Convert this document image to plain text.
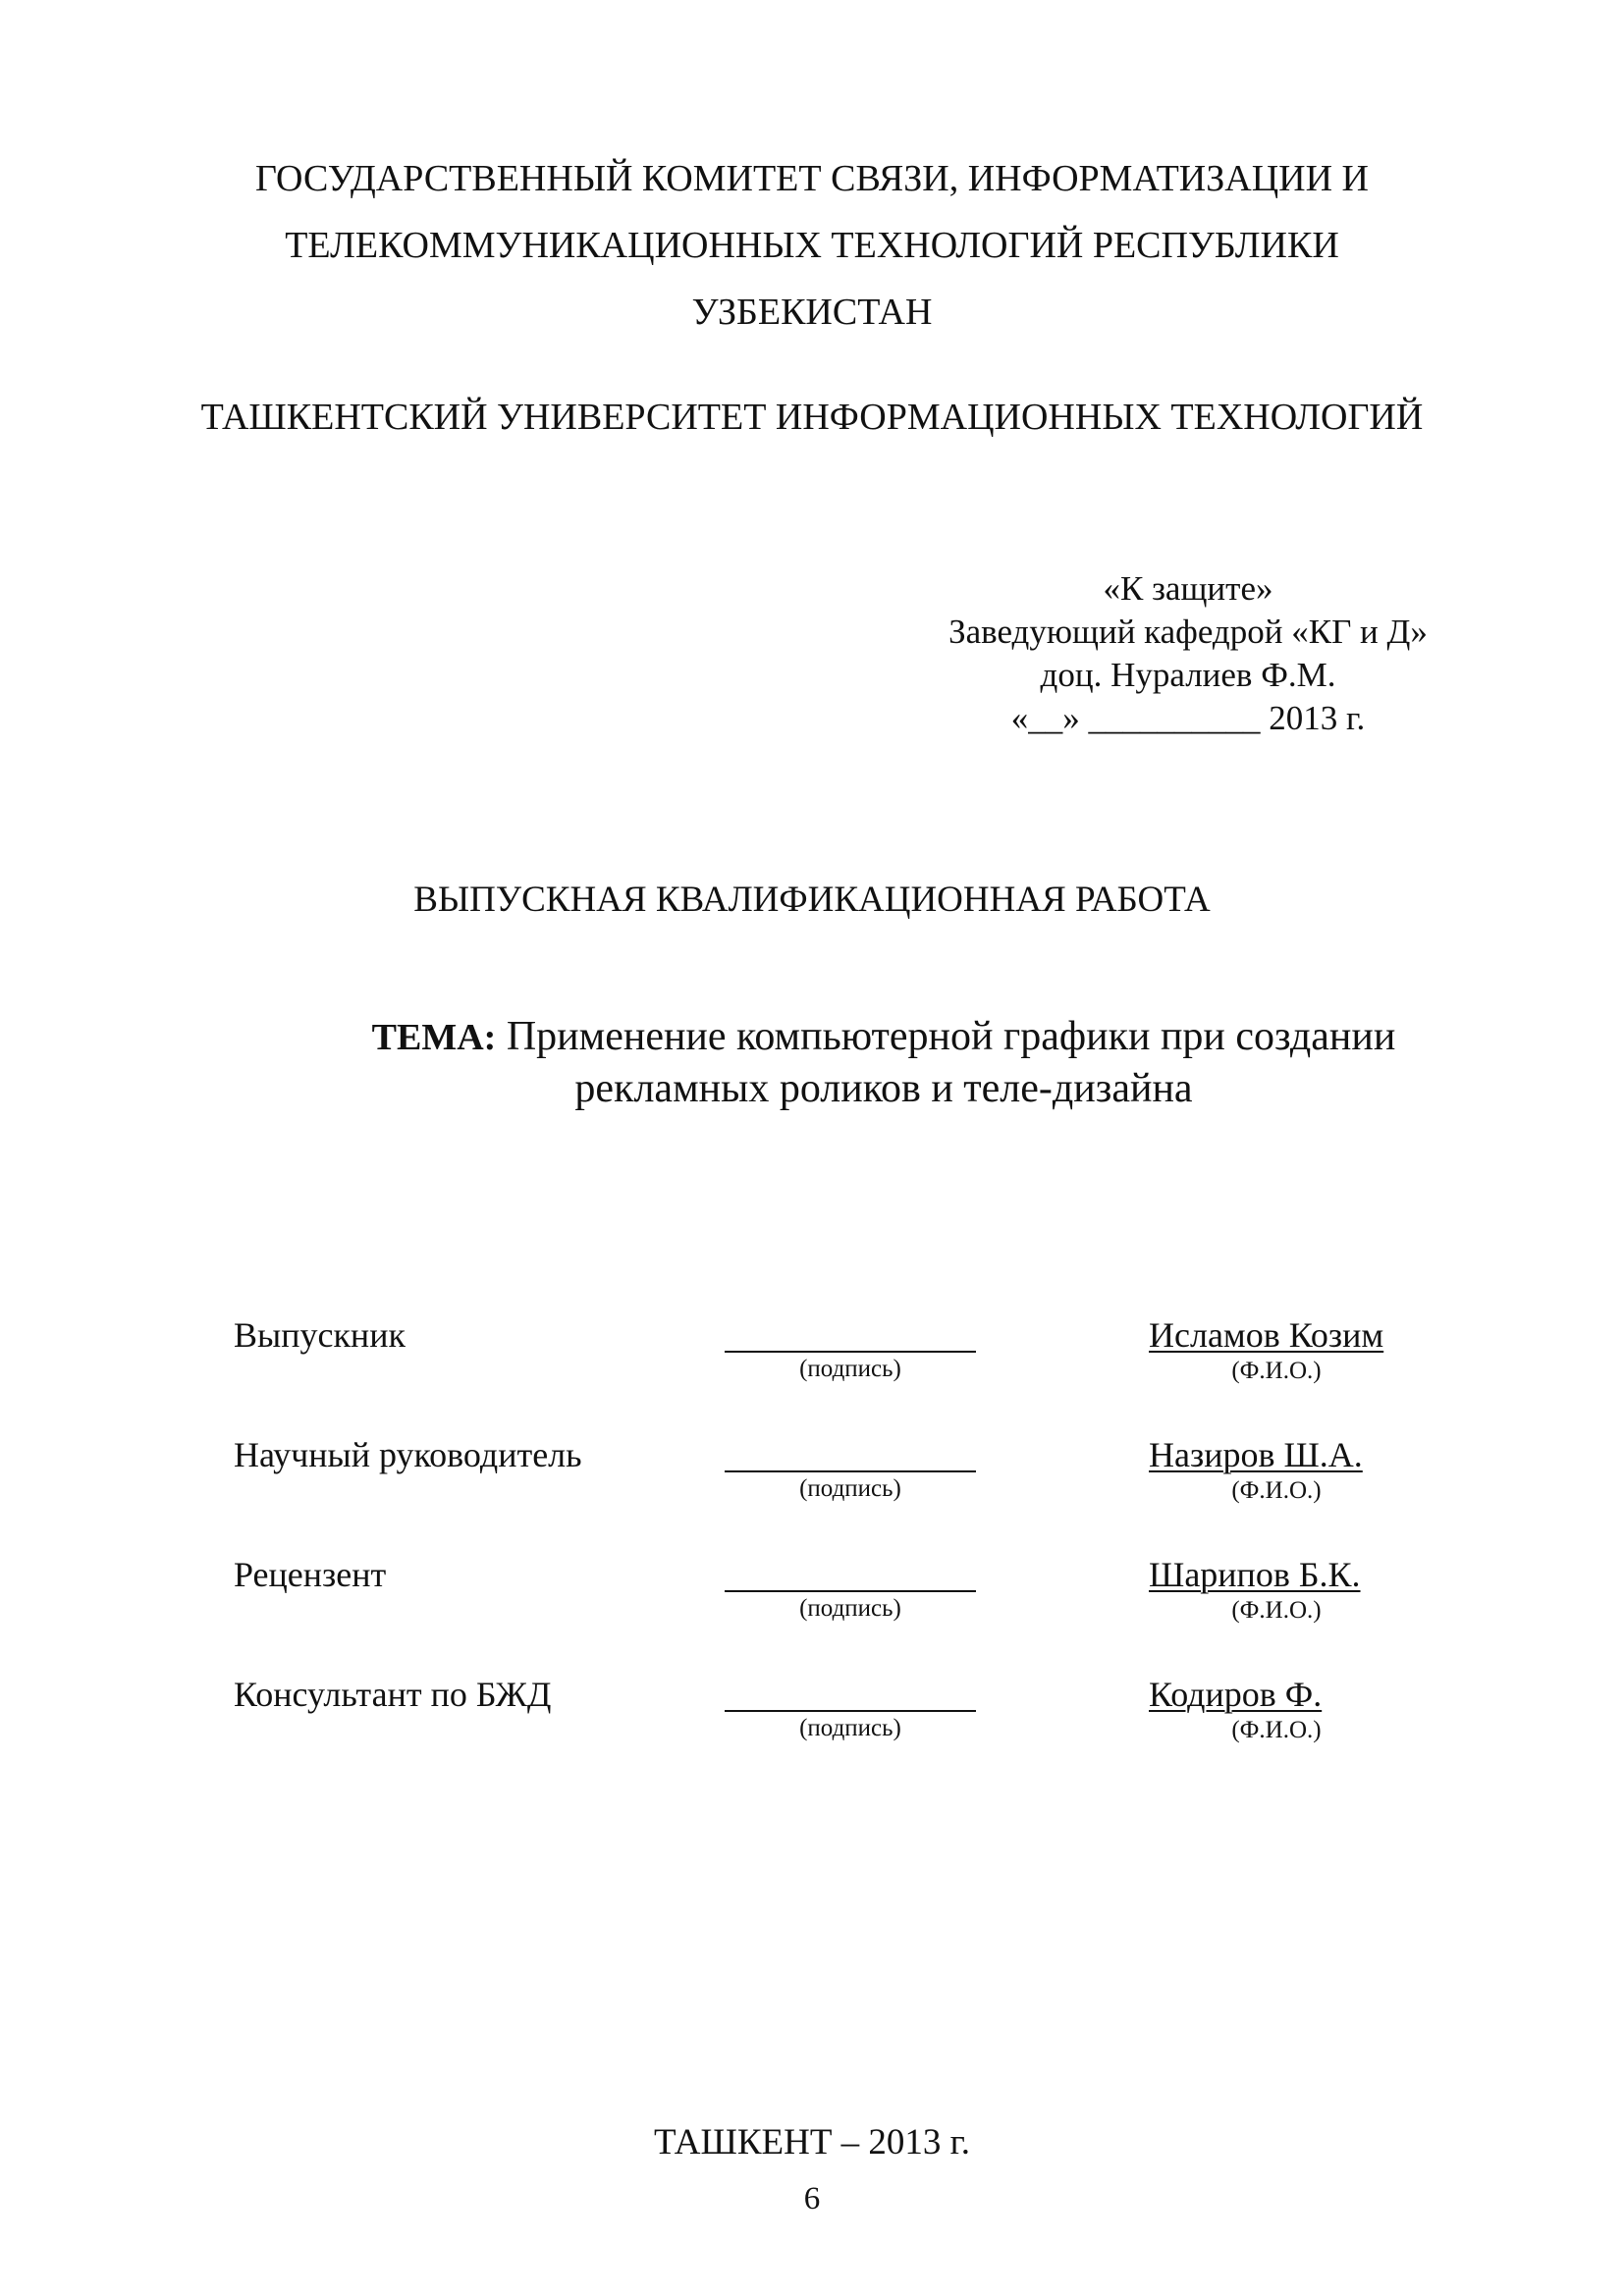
ГОСУДАРСТВЕННЫЙ КОМИТЕТ СВЯЗИ, ИНФОРМАТИЗАЦИИ И
ТЕЛЕКОММУНИКАЦИОННЫХ ТЕХНОЛОГИЙ РЕСПУБЛИКИ
УЗБЕКИСТАН
ТАШКЕНТСКИЙ УНИВЕРСИТЕТ ИНФОРМАЦИОННЫХ ТЕХНОЛОГИЙ
«К защите»
Заведующий кафедрой «КГ и Д»
доц. Нуралиев Ф.М.
«__» __________ 2013 г.
ВЫПУСКНАЯ КВАЛИФИКАЦИОННАЯ РАБОТА
ТЕМА: Применение компьютерной графики при создании
рекламных роликов и теле-дизайна
Выпускник
(подпись)
Исламов Козим
(Ф.И.О.)
Научный руководитель
(подпись)
Назиров Ш.А.
(Ф.И.О.)
Рецензент
(подпись)
Шарипов Б.К.
(Ф.И.О.)
Консультант по БЖД
(подпись)
Кодиров Ф.
(Ф.И.О.)
ТАШКЕНТ – 2013 г.
6
